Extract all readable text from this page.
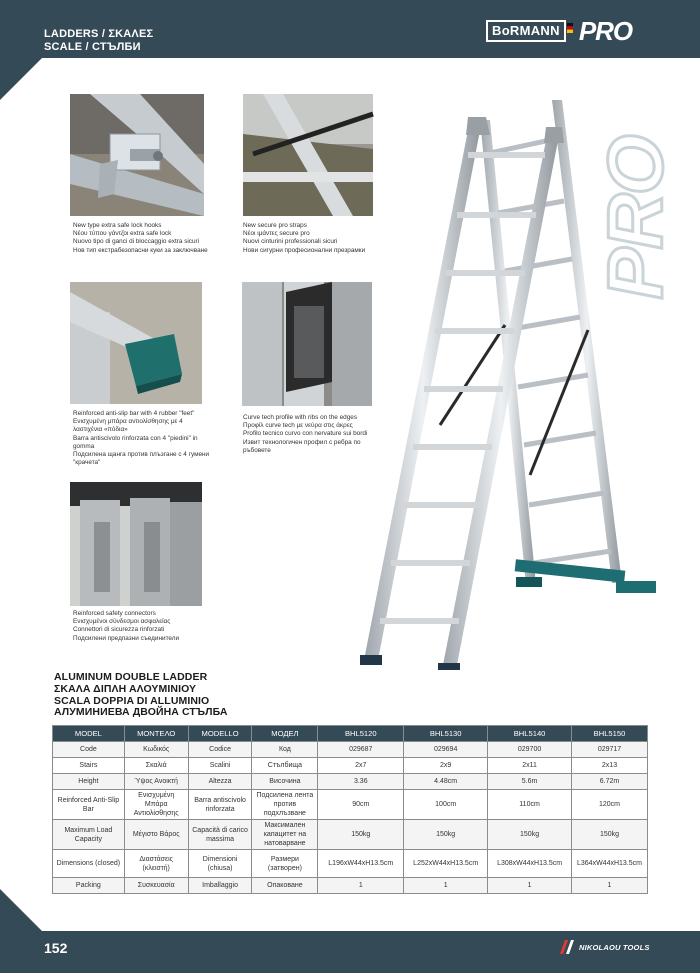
LADDERS / ΣΚΑΛΕΣ
SCALE / СТЪЛБИ
BoRMANN PRO
PRO
New type extra safe lock hooks
Νέου τύπου γάντζοι extra safe lock
Nuovo tipo di ganci di bloccaggio extra sicuri
Нов тип екстрабезопасни куки за заключване
New secure pro straps
Νέοι ιμάντες secure pro
Nuovi cinturini professionali sicuri
Нови сигурни професионални презрамки
Reinforced anti-slip bar with 4 rubber "feet"
Ενισχυμένη μπάρα αντιολίσθησης με 4 λαστιχένια «πόδια»
Barra antiscivolo rinforzata con 4 "piedini" in gomma
Подсилена щанга против плъзгане с 4 гумени "крачета"
Curve tech profile with ribs on the edges
Προφίλ curve tech με νεύρα στις άκρες
Profilo tecnico curvo con nervature sui bordi
Извит технологичен профил с ребра по ръбовете
Reinforced safety connectors
Ενισχυμένοι σύνδεσμοι ασφαλείας
Connettori di sicurezza rinforzati
Подсилени предпазни съединители
ALUMINUM DOUBLE LADDER
ΣΚΑΛΑ ΔΙΠΛΗ ΑΛΟΥΜΙΝΙΟΥ
SCALA DOPPIA DI ALLUMINIO
АЛУМИНИЕВА ДВОЙНА СТЪЛБА
MODEL	ΜΟΝΤΕΛΟ	MODELLO	МОДЕЛ	BHL5120	BHL5130	BHL5140	BHL5150
Code	Κωδικός	Codice	Код	029687	029694	029700	029717
Stairs	Σκαλιά	Scalini	Стълбища	2x7	2x9	2x11	2x13
Height	Ύψος Ανοικτή	Altezza	Височина	3.36	4.48cm	5.6m	6.72m
Reinforced Anti-Slip Bar	Ενισχυμένη Μπάρα Αντιολίσθησης	Barra antiscivolo rinforzata	Подсилена лента против подхлъзване	90cm	100cm	110cm	120cm
Maximum Load Capacity	Μέγιστο Βάρος	Capacità di carico massima	Максимален капацитет на натоварване	150kg	150kg	150kg	150kg
Dimensions (closed)	Διαστάσεις (κλειστή)	Dimensioni (chiusa)	Размери (затворен)	L196xW44xH13.5cm	L252xW44xH13.5cm	L308xW44xH13.5cm	L364xW44xH13.5cm
Packing	Συσκευασία	Imballaggio	Опаковане	1	1	1	1
152	NIKOLAOU TOOLS
